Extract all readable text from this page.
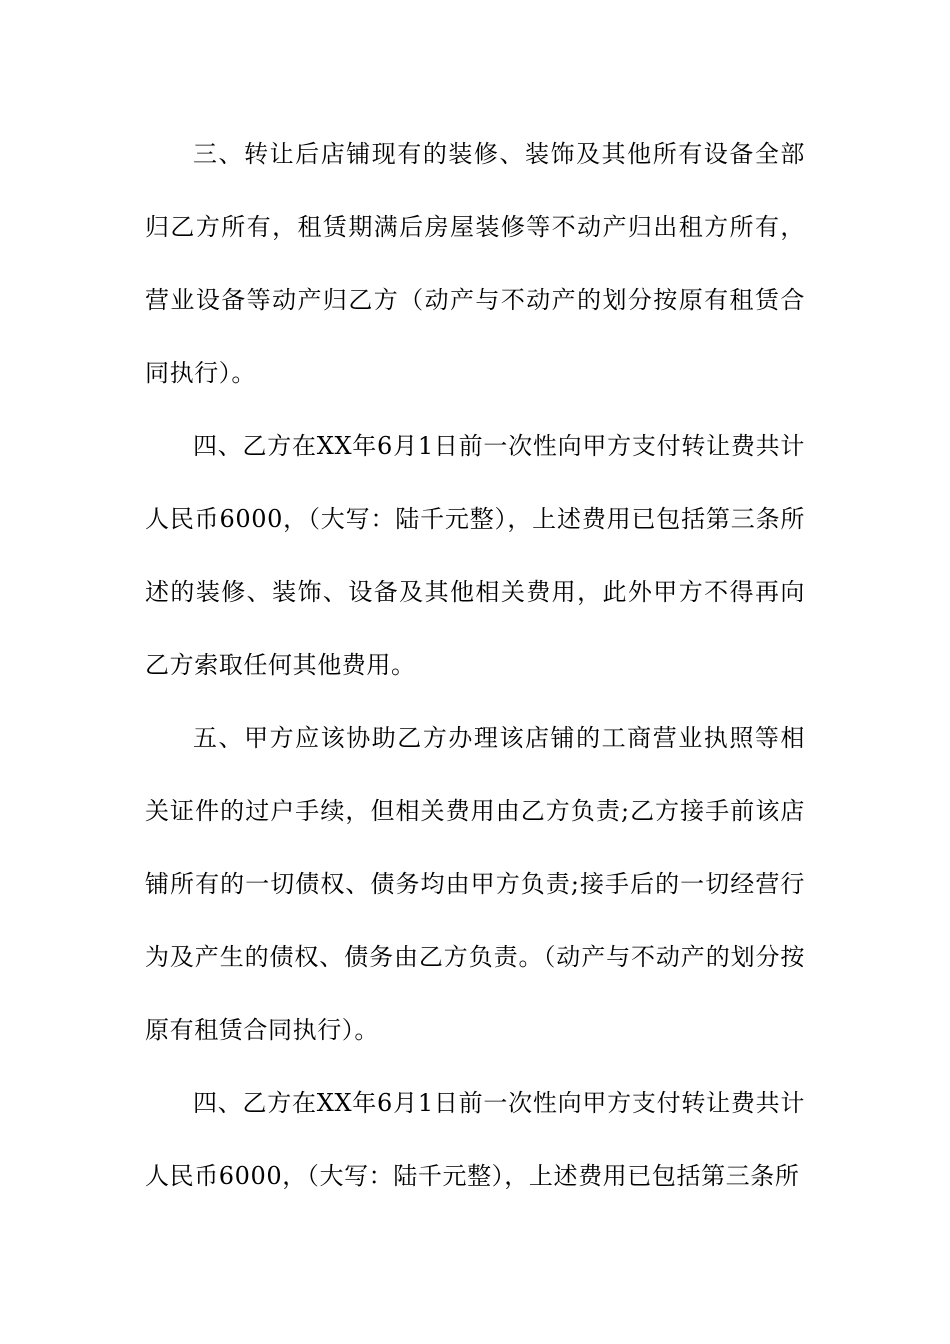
三、转让后店铺现有的装修、装饰及其他所有设备全部归乙方所有，租赁期满后房屋装修等不动产归出租方所有，营业设备等动产归乙方（动产与不动产的划分按原有租赁合同执行）。

四、乙方在XX年6月1日前一次性向甲方支付转让费共计人民币6000，（大写：陆千元整），上述费用已包括第三条所述的装修、装饰、设备及其他相关费用，此外甲方不得再向乙方索取任何其他费用。

五、甲方应该协助乙方办理该店铺的工商营业执照等相关证件的过户手续，但相关费用由乙方负责;乙方接手前该店铺所有的一切债权、债务均由甲方负责;接手后的一切经营行为及产生的债权、债务由乙方负责。（动产与不动产的划分按原有租赁合同执行）。

四、乙方在XX年6月1日前一次性向甲方支付转让费共计人民币6000，（大写：陆千元整），上述费用已包括第三条所
